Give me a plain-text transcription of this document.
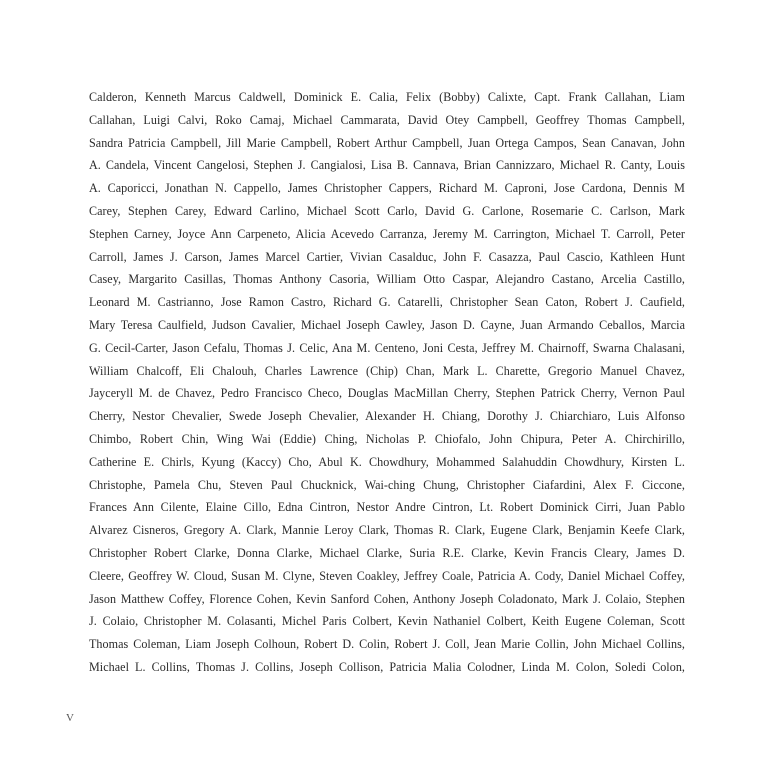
Calderon, Kenneth Marcus Caldwell, Dominick E. Calia, Felix (Bobby) Calixte, Capt. Frank Callahan, Liam
Callahan, Luigi Calvi, Roko Camaj, Michael Cammarata, David Otey Campbell, Geoffrey Thomas Campbell,
Sandra Patricia Campbell, Jill Marie Campbell, Robert Arthur Campbell, Juan Ortega Campos, Sean Canavan, John
A. Candela, Vincent Cangelosi, Stephen J. Cangialosi, Lisa B. Cannava, Brian Cannizzaro, Michael R. Canty, Louis
A. Caporicci, Jonathan N. Cappello, James Christopher Cappers, Richard M. Caproni, Jose Cardona, Dennis M
Carey, Stephen Carey, Edward Carlino, Michael Scott Carlo, David G. Carlone, Rosemarie C. Carlson, Mark
Stephen Carney, Joyce Ann Carpeneto, Alicia Acevedo Carranza, Jeremy M. Carrington, Michael T. Carroll, Peter
Carroll, James J. Carson, James Marcel Cartier, Vivian Casalduc, John F. Casazza, Paul Cascio, Kathleen Hunt
Casey, Margarito Casillas, Thomas Anthony Casoria, William Otto Caspar, Alejandro Castano, Arcelia Castillo,
Leonard M. Castrianno, Jose Ramon Castro, Richard G. Catarelli, Christopher Sean Caton, Robert J. Caufield,
Mary Teresa Caulfield, Judson Cavalier, Michael Joseph Cawley, Jason D. Cayne, Juan Armando Ceballos, Marcia
G. Cecil-Carter, Jason Cefalu, Thomas J. Celic, Ana M. Centeno, Joni Cesta, Jeffrey M. Chairnoff, Swarna Chalasani,
William Chalcoff, Eli Chalouh, Charles Lawrence (Chip) Chan, Mark L. Charette, Gregorio Manuel Chavez,
Jayceryll M. de Chavez, Pedro Francisco Checo, Douglas MacMillan Cherry, Stephen Patrick Cherry, Vernon Paul
Cherry, Nestor Chevalier, Swede Joseph Chevalier, Alexander H. Chiang, Dorothy J. Chiarchiaro, Luis Alfonso
Chimbo, Robert Chin, Wing Wai (Eddie) Ching, Nicholas P. Chiofalo, John Chipura, Peter A. Chirchirillo,
Catherine E. Chirls, Kyung (Kaccy) Cho, Abul K. Chowdhury, Mohammed Salahuddin Chowdhury, Kirsten L.
Christophe, Pamela Chu, Steven Paul Chucknick, Wai-ching Chung, Christopher Ciafardini, Alex F. Ciccone,
Frances Ann Cilente, Elaine Cillo, Edna Cintron, Nestor Andre Cintron, Lt. Robert Dominick Cirri, Juan Pablo
Alvarez Cisneros, Gregory A. Clark, Mannie Leroy Clark, Thomas R. Clark, Eugene Clark, Benjamin Keefe Clark,
Christopher Robert Clarke, Donna Clarke, Michael Clarke, Suria R.E. Clarke, Kevin Francis Cleary, James D.
Cleere, Geoffrey W. Cloud, Susan M. Clyne, Steven Coakley, Jeffrey Coale, Patricia A. Cody, Daniel Michael Coffey,
Jason Matthew Coffey, Florence Cohen, Kevin Sanford Cohen, Anthony Joseph Coladonato, Mark J. Colaio, Stephen
J. Colaio, Christopher M. Colasanti, Michel Paris Colbert, Kevin Nathaniel Colbert, Keith Eugene Coleman, Scott
Thomas Coleman, Liam Joseph Colhoun, Robert D. Colin, Robert J. Coll, Jean Marie Collin, John Michael Collins,
Michael L. Collins, Thomas J. Collins, Joseph Collison, Patricia Malia Colodner, Linda M. Colon, Soledi Colon,
V
